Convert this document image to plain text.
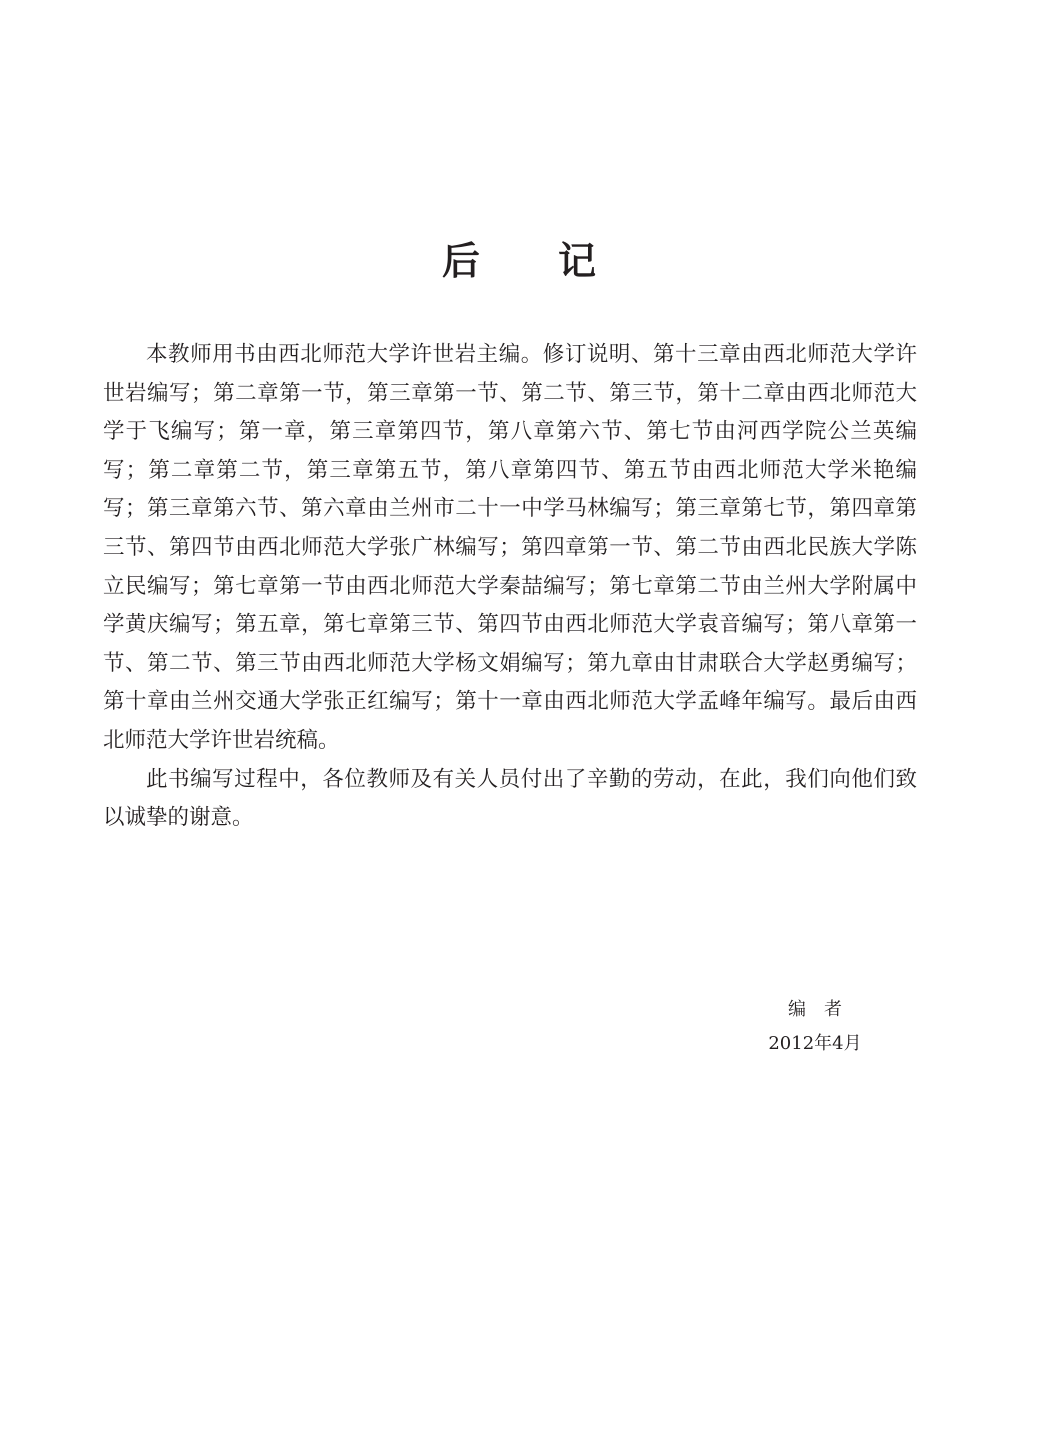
后记

本教师用书由西北师范大学许世岩主编。修订说明、第十三章由西北师范大学许世岩编写；第二章第一节，第三章第一节、第二节、第三节，第十二章由西北师范大学于飞编写；第一章，第三章第四节，第八章第六节、第七节由河西学院公兰英编写；第二章第二节，第三章第五节，第八章第四节、第五节由西北师范大学米艳编写；第三章第六节、第六章由兰州市二十一中学马林编写；第三章第七节，第四章第三节、第四节由西北师范大学张广林编写；第四章第一节、第二节由西北民族大学陈立民编写；第七章第一节由西北师范大学秦喆编写；第七章第二节由兰州大学附属中学黄庆编写；第五章，第七章第三节、第四节由西北师范大学袁音编写；第八章第一节、第二节、第三节由西北师范大学杨文娟编写；第九章由甘肃联合大学赵勇编写；第十章由兰州交通大学张正红编写；第十一章由西北师范大学孟峰年编写。最后由西北师范大学许世岩统稿。

此书编写过程中，各位教师及有关人员付出了辛勤的劳动，在此，我们向他们致以诚挚的谢意。

编者
2012年4月
